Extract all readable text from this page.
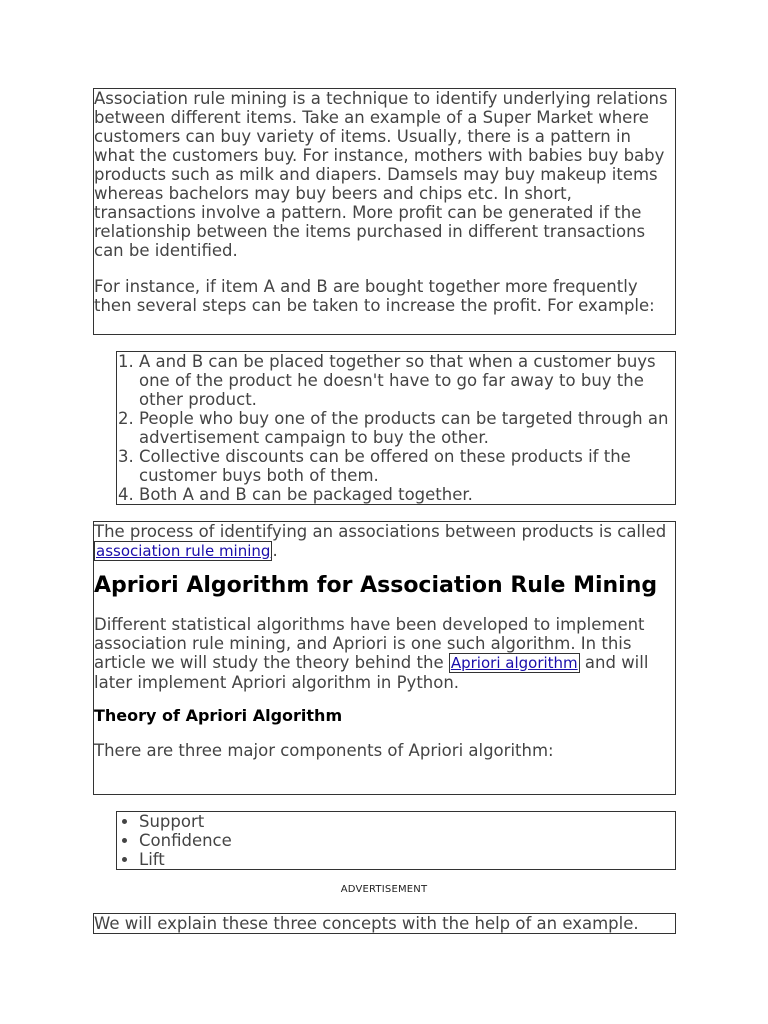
Association rule mining is a technique to identify underlying relations between different items. Take an example of a Super Market where customers can buy variety of items. Usually, there is a pattern in what the customers buy. For instance, mothers with babies buy baby products such as milk and diapers. Damsels may buy makeup items whereas bachelors may buy beers and chips etc. In short, transactions involve a pattern. More profit can be generated if the relationship between the items purchased in different transactions can be identified.

For instance, if item A and B are bought together more frequently then several steps can be taken to increase the profit. For example:

1. A and B can be placed together so that when a customer buys one of the product he doesn't have to go far away to buy the other product.
2. People who buy one of the products can be targeted through an advertisement campaign to buy the other.
3. Collective discounts can be offered on these products if the customer buys both of them.
4. Both A and B can be packaged together.

The process of identifying an associations between products is called association rule mining .

Apriori Algorithm for Association Rule Mining

Different statistical algorithms have been developed to implement association rule mining, and Apriori is one such algorithm. In this article we will study the theory behind the Apriori algorithm and will later implement Apriori algorithm in Python.

Theory of Apriori Algorithm

There are three major components of Apriori algorithm:

• Support
• Confidence
• Lift
ADVERTISEMENT

We will explain these three concepts with the help of an example.
